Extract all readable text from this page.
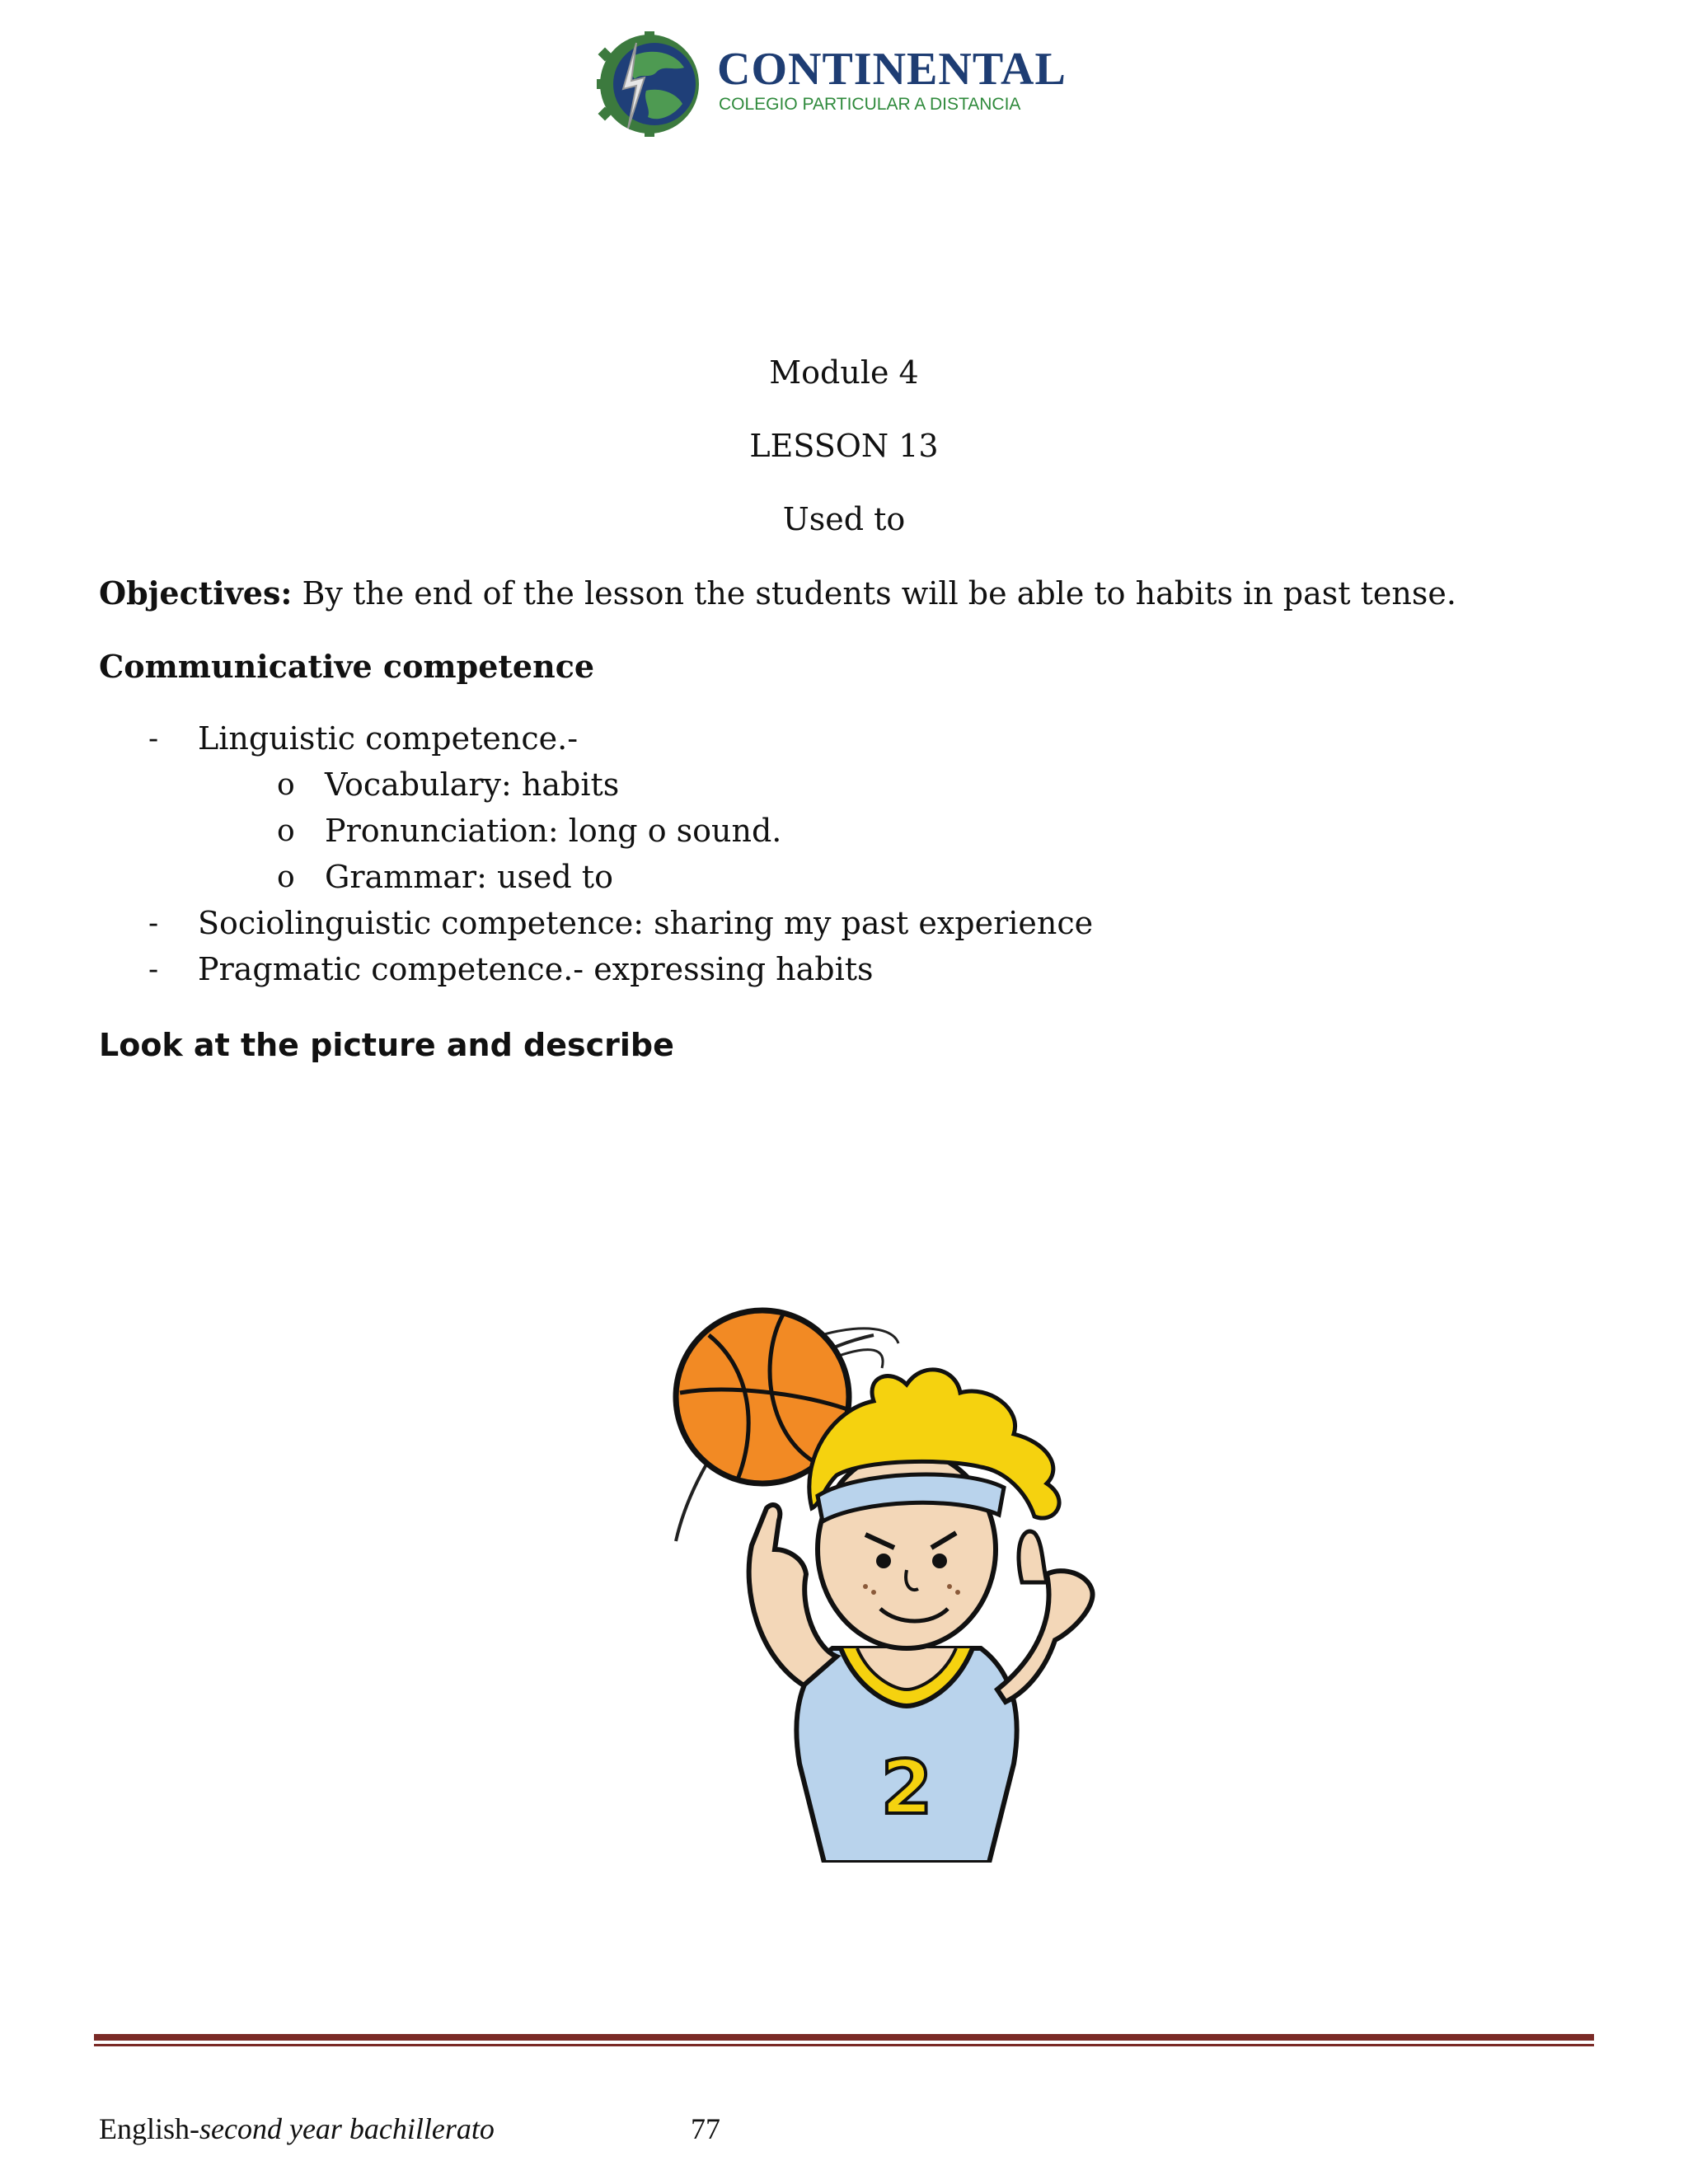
CONTINENTAL
COLEGIO PARTICULAR A DISTANCIA
Module 4
LESSON 13
Used to
Objectives: By the end of the lesson the students will be able to habits in past tense.
Communicative competence
- Linguistic competence.-
o Vocabulary: habits
o Pronunciation: long o sound.
o Grammar: used to
- Sociolinguistic competence: sharing my past experience
- Pragmatic competence.- expressing habits
Look at the picture and describe
2
English-second year bachillerato	77
